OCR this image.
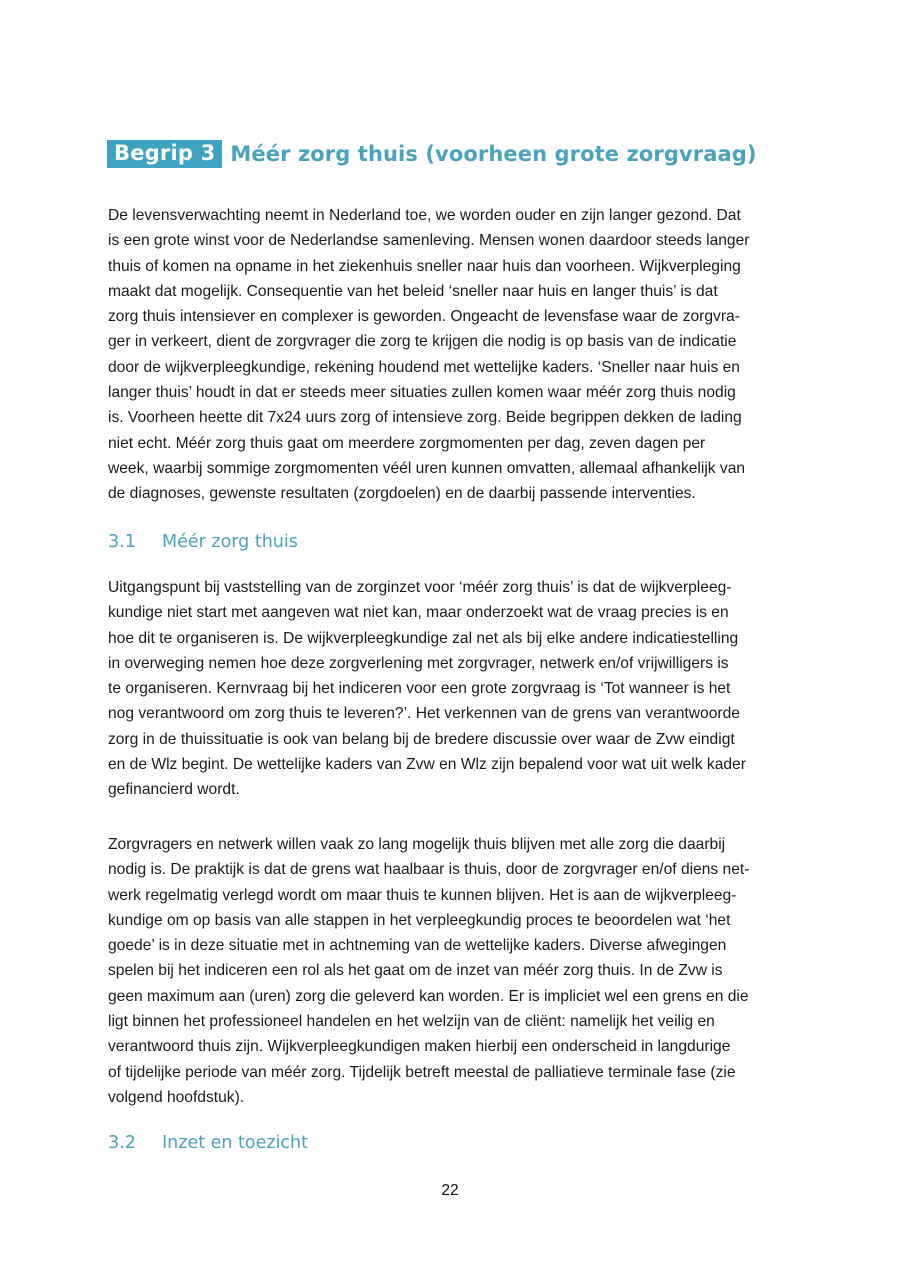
Begrip 3 Méér zorg thuis (voorheen grote zorgvraag)

De levensverwachting neemt in Nederland toe, we worden ouder en zijn langer gezond. Dat
is een grote winst voor de Nederlandse samenleving. Mensen wonen daardoor steeds langer
thuis of komen na opname in het ziekenhuis sneller naar huis dan voorheen. Wijkverpleging
maakt dat mogelijk. Consequentie van het beleid ‘sneller naar huis en langer thuis’ is dat
zorg thuis intensiever en complexer is geworden. Ongeacht de levensfase waar de zorgvra-
ger in verkeert, dient de zorgvrager die zorg te krijgen die nodig is op basis van de indicatie
door de wijkverpleegkundige, rekening houdend met wettelijke kaders. ‘Sneller naar huis en
langer thuis’ houdt in dat er steeds meer situaties zullen komen waar méér zorg thuis nodig
is. Voorheen heette dit 7x24 uurs zorg of intensieve zorg. Beide begrippen dekken de lading
niet echt. Méér zorg thuis gaat om meerdere zorgmomenten per dag, zeven dagen per
week, waarbij sommige zorgmomenten véél uren kunnen omvatten, allemaal afhankelijk van
de diagnoses, gewenste resultaten (zorgdoelen) en de daarbij passende interventies.

3.1	Méér zorg thuis

Uitgangspunt bij vaststelling van de zorginzet voor ‘méér zorg thuis’ is dat de wijkverpleeg-
kundige niet start met aangeven wat niet kan, maar onderzoekt wat de vraag precies is en
hoe dit te organiseren is. De wijkverpleegkundige zal net als bij elke andere indicatiestelling
in overweging nemen hoe deze zorgverlening met zorgvrager, netwerk en/of vrijwilligers is
te organiseren. Kernvraag bij het indiceren voor een grote zorgvraag is ‘Tot wanneer is het
nog verantwoord om zorg thuis te leveren?’. Het verkennen van de grens van verantwoorde
zorg in de thuissituatie is ook van belang bij de bredere discussie over waar de Zvw eindigt
en de Wlz begint. De wettelijke kaders van Zvw en Wlz zijn bepalend voor wat uit welk kader
gefinancierd wordt.

Zorgvragers en netwerk willen vaak zo lang mogelijk thuis blijven met alle zorg die daarbij
nodig is. De praktijk is dat de grens wat haalbaar is thuis, door de zorgvrager en/of diens net-
werk regelmatig verlegd wordt om maar thuis te kunnen blijven. Het is aan de wijkverpleeg-
kundige om op basis van alle stappen in het verpleegkundig proces te beoordelen wat ‘het
goede’ is in deze situatie met in achtneming van de wettelijke kaders. Diverse afwegingen
spelen bij het indiceren een rol als het gaat om de inzet van méér zorg thuis. In de Zvw is
geen maximum aan (uren) zorg die geleverd kan worden. Er is impliciet wel een grens en die
ligt binnen het professioneel handelen en het welzijn van de cliënt: namelijk het veilig en
verantwoord thuis zijn. Wijkverpleegkundigen maken hierbij een onderscheid in langdurige
of tijdelijke periode van méér zorg. Tijdelijk betreft meestal de palliatieve terminale fase (zie
volgend hoofdstuk).

3.2	Inzet en toezicht
22
